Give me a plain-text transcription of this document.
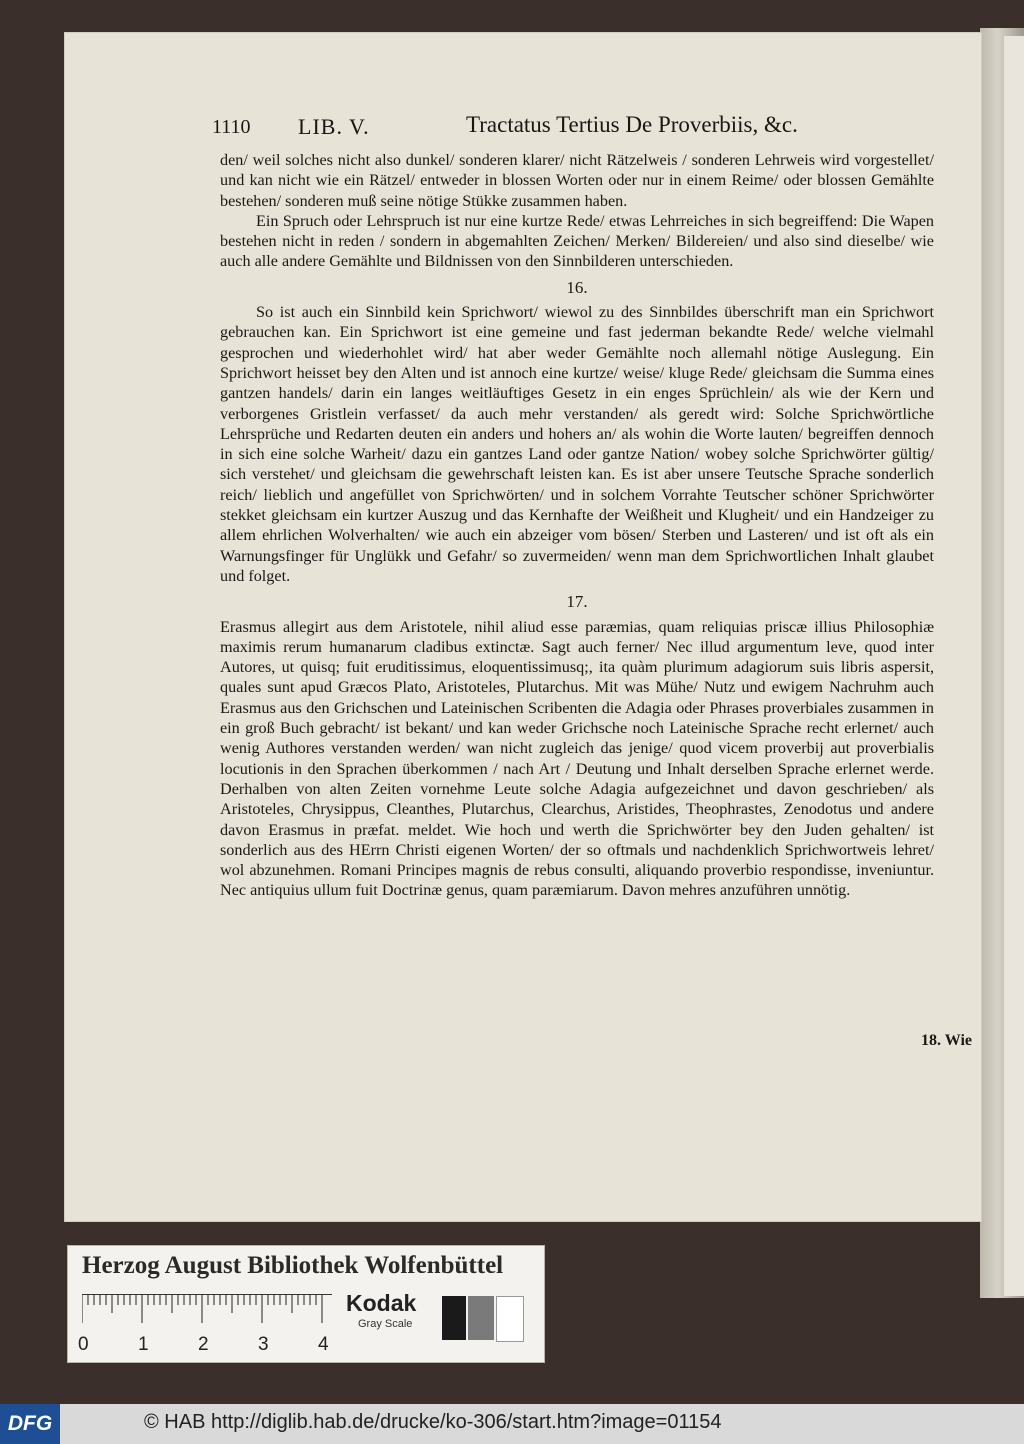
1110 LIB. V.	Tractatus Tertius De Proverbiis, &c.

den/ weil solches nicht also dunkel/ sonderen klarer/ nicht Rätzelweis / sonderen Lehrweis wird vorgestellet/ und kan nicht wie ein Rätzel/ entweder in blossen Worten oder nur in einem Reime/ oder blossen Gemählte bestehen/ sonderen muß seine nötige Stükke zusammen haben.

Ein Spruch oder Lehrspruch ist nur eine kurtze Rede/ etwas Lehrreiches in sich begreiffend: Die Wapen bestehen nicht in reden / sondern in abgemahlten Zeichen/ Merken/ Bildereien/ und also sind dieselbe/ wie auch alle andere Gemählte und Bildnissen von den Sinnbilderen unterschieden.

16.

So ist auch ein Sinnbild kein Sprichwort/ wiewol zu des Sinnbildes überschrift man ein Sprichwort gebrauchen kan. Ein Sprichwort ist eine gemeine und fast jederman bekandte Rede/ welche vielmahl gesprochen und wiederhohlet wird/ hat aber weder Gemählte noch allemahl nötige Auslegung. Ein Sprichwort heisset bey den Alten und ist annoch eine kurtze/ weise/ kluge Rede/ gleichsam die Summa eines gantzen handels/ darin ein langes weitläuftiges Gesetz in ein enges Sprüchlein/ als wie der Kern und verborgenes Gristlein verfasset/ da auch mehr verstanden/ als geredt wird: Solche Sprichwörtliche Lehrsprüche und Redarten deuten ein anders und hohers an/ als wohin die Worte lauten/ begreiffen dennoch in sich eine solche Warheit/ dazu ein gantzes Land oder gantze Nation/ wobey solche Sprichwörter gültig/ sich verstehet/ und gleichsam die gewehrschaft leisten kan. Es ist aber unsere Teutsche Sprache sonderlich reich/ lieblich und angefüllet von Sprichwörten/ und in solchem Vorrahte Teutscher schöner Sprichwörter stekket gleichsam ein kurtzer Auszug und das Kernhafte der Weißheit und Klugheit/ und ein Handzeiger zu allem ehrlichen Wolverhalten/ wie auch ein abzeiger vom bösen/ Sterben und Lasteren/ und ist oft als ein Warnungsfinger für Unglükk und Gefahr/ so zuvermeiden/ wenn man dem Sprichwortlichen Inhalt glaubet und folget.

17.

Erasmus allegirt aus dem Aristotele, nihil aliud esse paræmias, quam reliquias priscæ illius Philosophiæ maximis rerum humanarum cladibus extinctæ. Sagt auch ferner/ Nec illud argumentum leve, quod inter Autores, ut quisq; fuit eruditissimus, eloquentissimusq;, ita quàm plurimum adagiorum suis libris aspersit, quales sunt apud Græcos Plato, Aristoteles, Plutarchus. Mit was Mühe/ Nutz und ewigem Nachruhm auch Erasmus aus den Grichschen und Lateinischen Scribenten die Adagia oder Phrases proverbiales zusammen in ein groß Buch gebracht/ ist bekant/ und kan weder Grichsche noch Lateinische Sprache recht erlernet/ auch wenig Authores verstanden werden/ wan nicht zugleich das jenige/ quod vicem proverbij aut proverbialis locutionis in den Sprachen überkommen / nach Art / Deutung und Inhalt derselben Sprache erlernet werde. Derhalben von alten Zeiten vornehme Leute solche Adagia aufgezeichnet und davon geschrieben/ als Aristoteles, Chrysippus, Cleanthes, Plutarchus, Clearchus, Aristides, Theophrastes, Zenodotus und andere davon Erasmus in præfat. meldet. Wie hoch und werth die Sprichwörter bey den Juden gehalten/ ist sonderlich aus des HErrn Christi eigenen Worten/ der so oftmals und nachdenklich Sprichwortweis lehret/ wol abzunehmen. Romani Principes magnis de rebus consulti, aliquando proverbio respondisse, inveniuntur. Nec antiquius ullum fuit Doctrinæ genus, quam paræmiarum. Davon mehres anzuführen unnötig.

18. Wie
Herzog August Bibliothek Wolfenbüttel
0	1	2	3	4
Kodak
Gray Scale
DFG	© HAB http://diglib.hab.de/drucke/ko-306/start.htm?image=01154
